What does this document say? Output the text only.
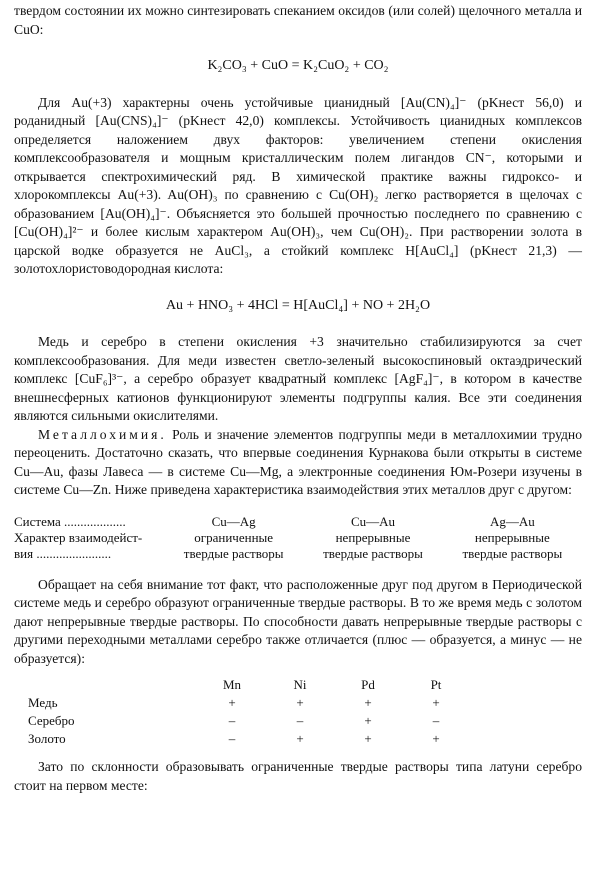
твердом состоянии их можно синтезировать спеканием оксидов (или солей) щелочного металла и CuO:

K₂CO₃ + CuO = K₂CuO₂ + CO₂

Для Au(+3) характерны очень устойчивые цианидный [Au(CN)₄]⁻ (pKнест 56,0) и роданидный [Au(CNS)₄]⁻ (pKнест 42,0) комплексы. Устойчивость цианидных комплексов определяется наложением двух факторов: увеличением степени окисления комплексообразователя и мощным кристаллическим полем лигандов CN⁻, которыми и открывается спектрохимический ряд. В химической практике важны гидроксо- и хлорокомплексы Au(+3). Au(OH)₃ по сравнению с Cu(OH)₂ легко растворяется в щелочах с образованием [Au(OH)₄]⁻. Объясняется это большей прочностью последнего по сравнению с [Cu(OH)₄]²⁻ и более кислым характером Au(OH)₃, чем Cu(OH)₂. При растворении золота в царской водке образуется не AuCl₃, а стойкий комплекс H[AuCl₄] (pKнест 21,3) — золотохлористоводородная кислота:

Au + HNO₃ + 4HCl = H[AuCl₄] + NO + 2H₂O

Медь и серебро в степени окисления +3 значительно стабилизируются за счет комплексообразования. Для меди известен светло-зеленый высокоспиновый октаэдрический комплекс [CuF₆]³⁻, а серебро образует квадратный комплекс [AgF₄]⁻, в котором в качестве внешнесферных катионов функционируют элементы подгруппы калия. Все эти соединения являются сильными окислителями.

Металлохимия. Роль и значение элементов подгруппы меди в металлохимии трудно переоценить. Достаточно сказать, что впервые соединения Курнакова были открыты в системе Cu—Au, фазы Лавеса — в системе Cu—Mg, а электронные соединения Юм-Розери изучены в системе Cu—Zn. Ниже приведена характеристика взаимодействия этих металлов друг с другом:

Система ...................	Cu—Ag	Cu—Au	Ag—Au
Характер взаимодейст-	ограниченные	непрерывные	непрерывные
вия .......................	твердые растворы	твердые растворы	твердые растворы

Обращает на себя внимание тот факт, что расположенные друг под другом в Периодической системе медь и серебро образуют ограниченные твердые растворы. В то же время медь с золотом дают непрерывные твердые растворы. По способности давать непрерывные твердые растворы с другими переходными металлами серебро также отличается (плюс — образуется, а минус — не образуется):

	Mn	Ni	Pd	Pt
Медь	+	+	+	+
Серебро	–	–	+	–
Золото	–	+	+	+

Зато по склонности образовывать ограниченные твердые растворы типа латуни серебро стоит на первом месте:
